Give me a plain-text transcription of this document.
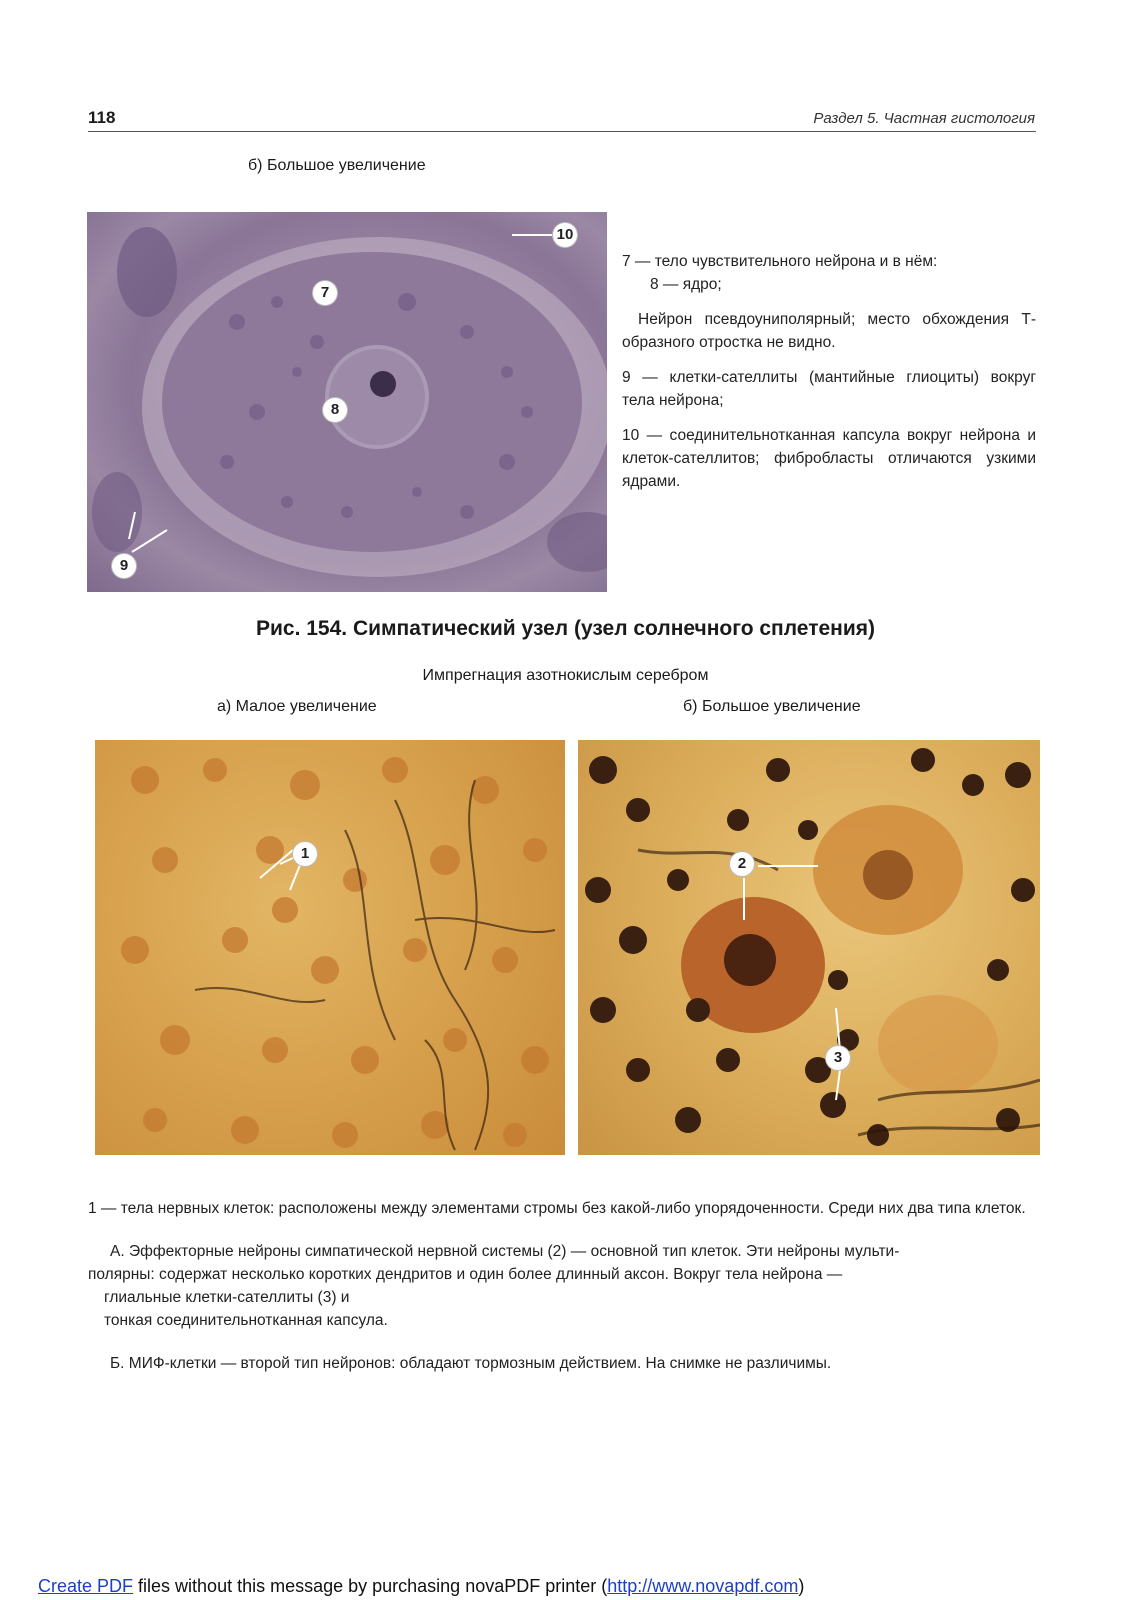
118	Раздел 5. Частная гистология
б) Большое увеличение
7
8
9
10

7 — тело чувствительного нейрона и в нём:

8 — ядро;

Нейрон псевдоуниполярный; место обхождения Т-образного отростка не видно.

9 — клетки-сателлиты (мантийные глиоциты) вокруг тела нейрона;

10 — соединительнотканная капсула вокруг нейрона и клеток-сателлитов; фибробласты отличаются узкими ядрами.

Рис. 154. Симпатический узел (узел солнечного сплетения)
Импрегнация азотнокислым серебром
а) Малое увеличение	б) Большое увеличение
1
2
3

1 — тела нервных клеток: расположены между элементами стромы без какой-либо упорядоченности. Среди них два типа клеток.

А. Эффекторные нейроны симпатической нервной системы (2) — основной тип клеток. Эти нейроны мульти-

полярны: содержат несколько коротких дендритов и один более длинный аксон. Вокруг тела нейрона —

глиальные клетки-сателлиты (3) и

тонкая соединительнотканная капсула.

Б. МИФ-клетки — второй тип нейронов: обладают тормозным действием. На снимке не различимы.

Create PDF files without this message by purchasing novaPDF printer (http://www.novapdf.com)
